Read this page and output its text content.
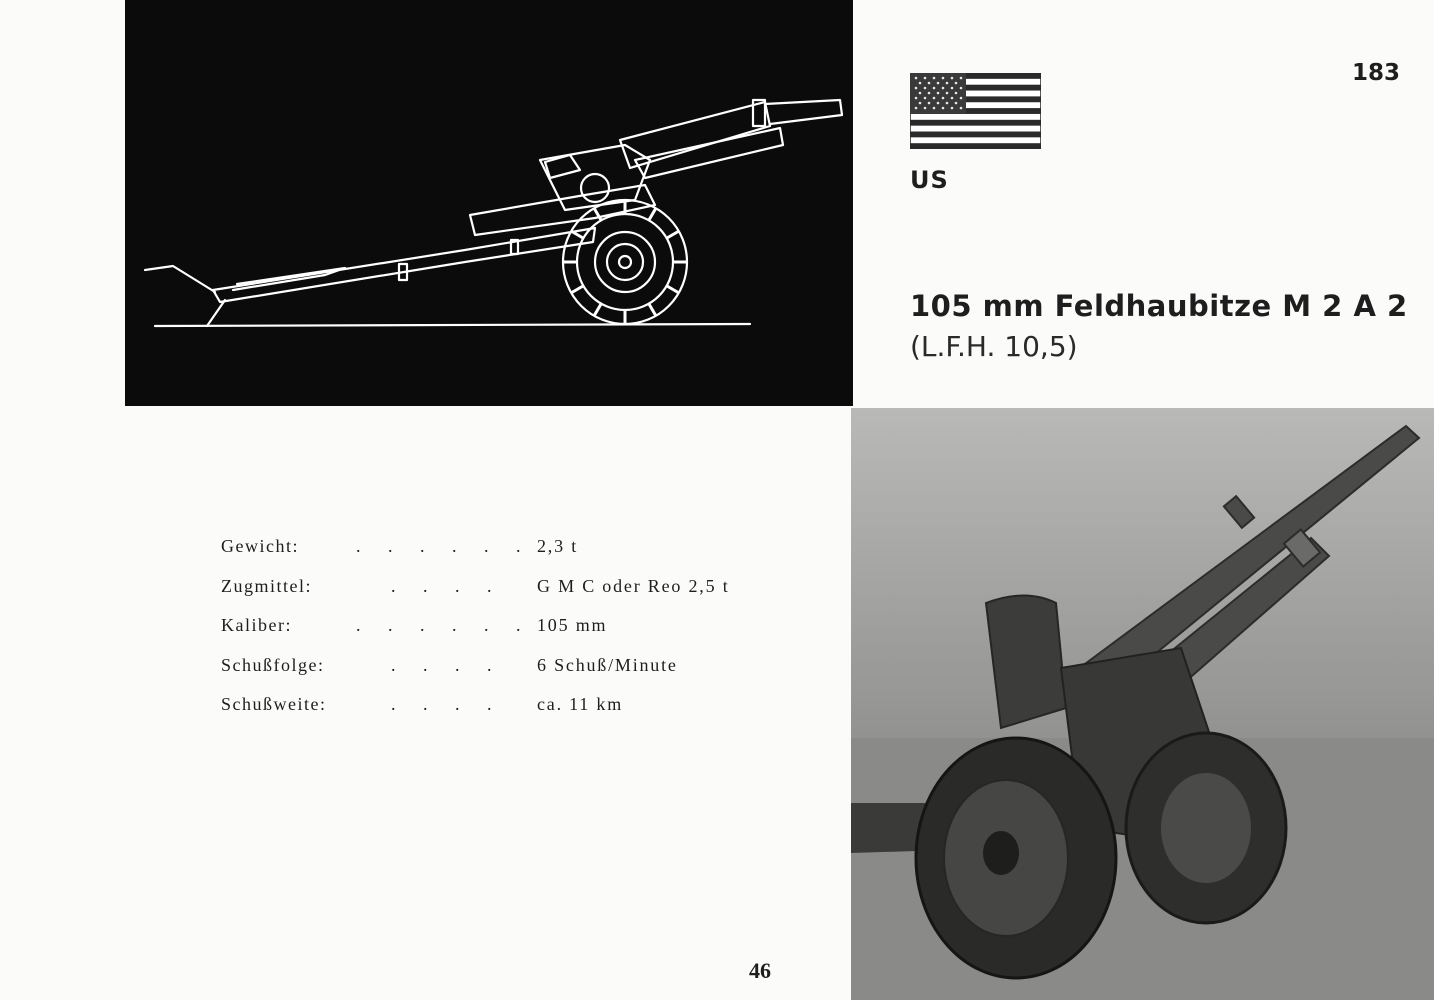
183
US
105 mm Feldhaubitze M 2 A 2
(L.F.H. 10,5)
Gewicht:	. . . . . . 2,3 t
Zugmittel:	. . . . G M C oder Reo 2,5 t
Kaliber:	. . . . . . 105 mm
Schußfolge:	. . . . 6 Schuß/Minute
Schußweite:	. . . . ca. 11 km
46
